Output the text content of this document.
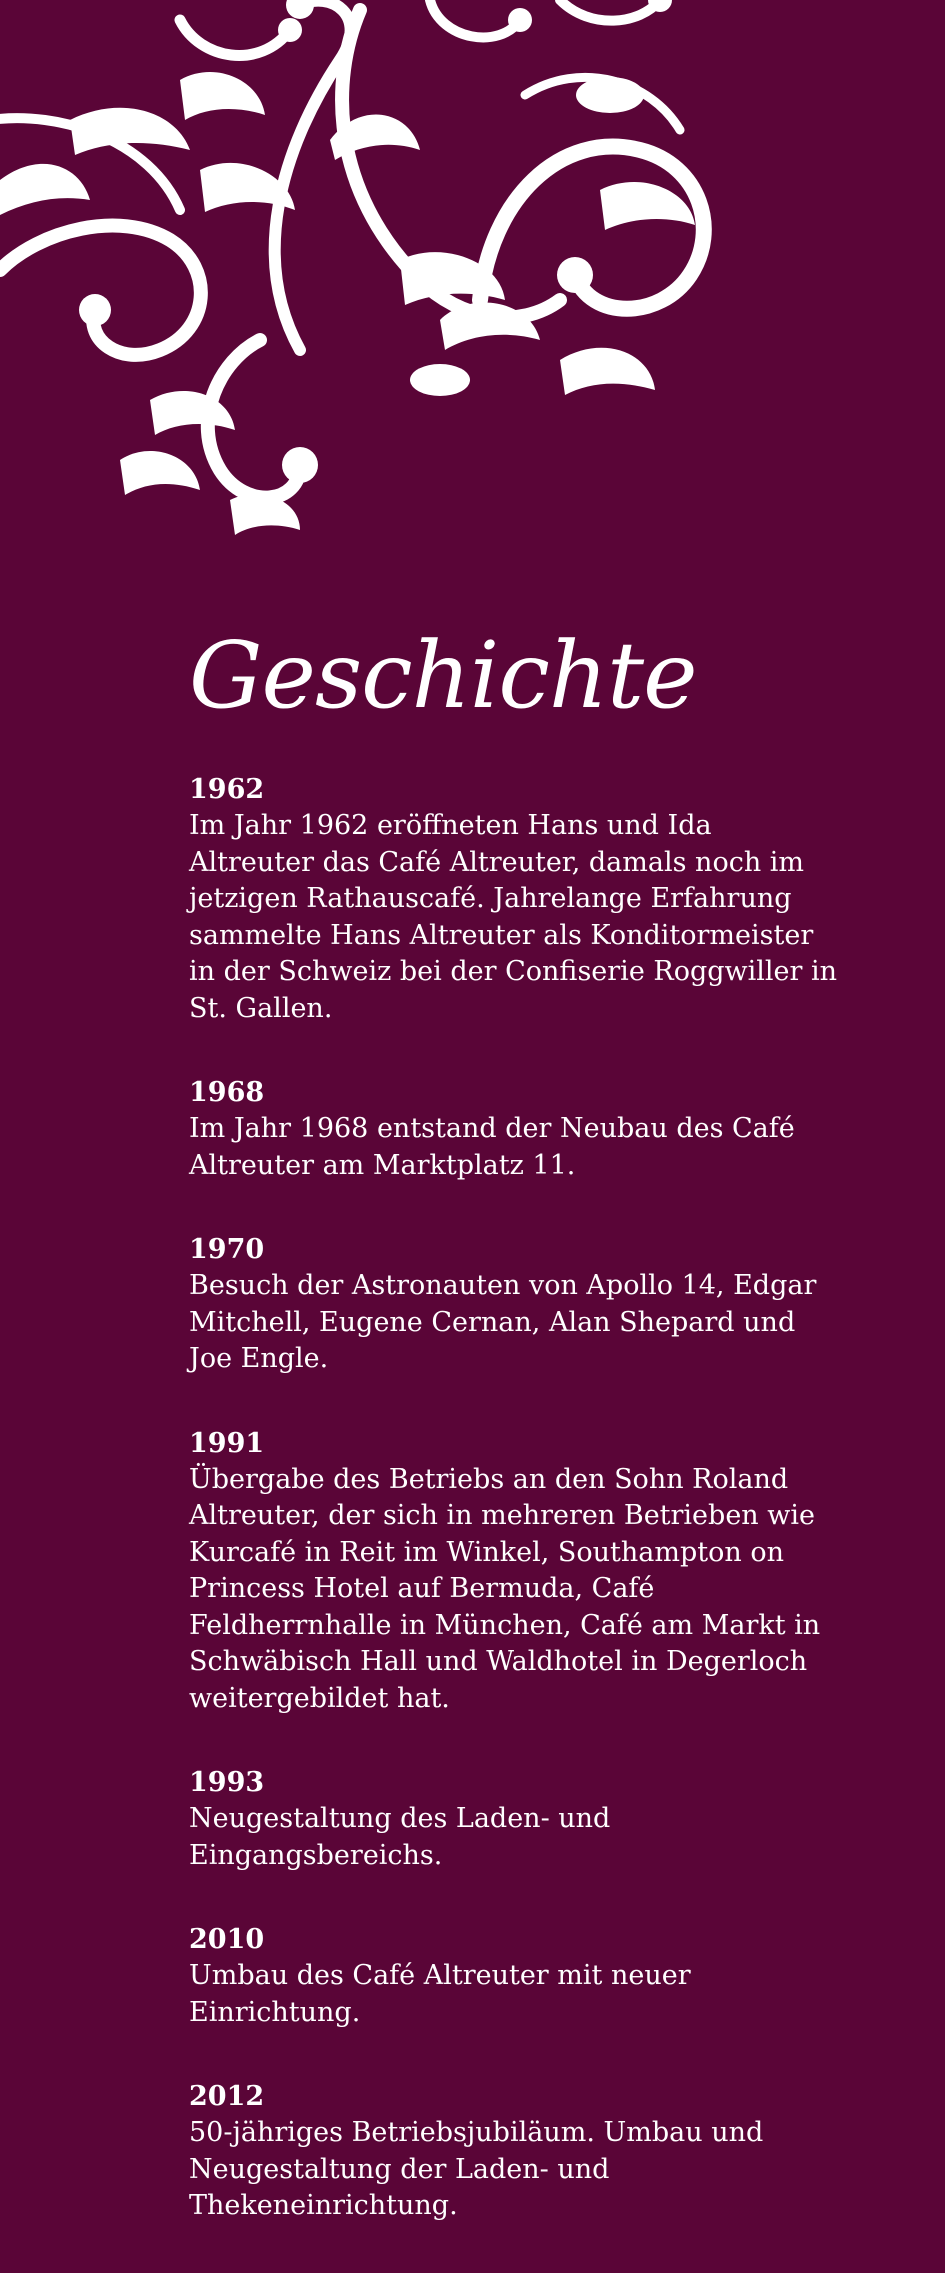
Geschichte

1962

Im Jahr 1962 eröffneten Hans und Ida Altreuter das Café Altreuter, damals noch im jetzigen Rathauscafé. Jahrelange Erfahrung sammelte Hans Altreuter als Konditormeister in der Schweiz bei der Confiserie Roggwiller in St. Gallen.

1968

Im Jahr 1968 entstand der Neubau des Café Altreuter am Marktplatz 11.

1970

Besuch der Astronauten von Apollo 14, Edgar Mitchell, Eugene Cernan, Alan Shepard und Joe Engle.

1991

Übergabe des Betriebs an den Sohn Roland Altreuter, der sich in mehreren Betrieben wie Kurcafé in Reit im Winkel, Southampton on Princess Hotel auf Bermuda, Café Feldherrnhalle in München, Café am Markt in Schwäbisch Hall und Waldhotel in Degerloch weitergebildet hat.

1993

Neugestaltung des Laden- und Eingangsbereichs.

2010

Umbau des Café Altreuter mit neuer Einrichtung.

2012

50-jähriges Betriebsjubiläum. Umbau und Neugestaltung der Laden- und Thekeneinrichtung.
